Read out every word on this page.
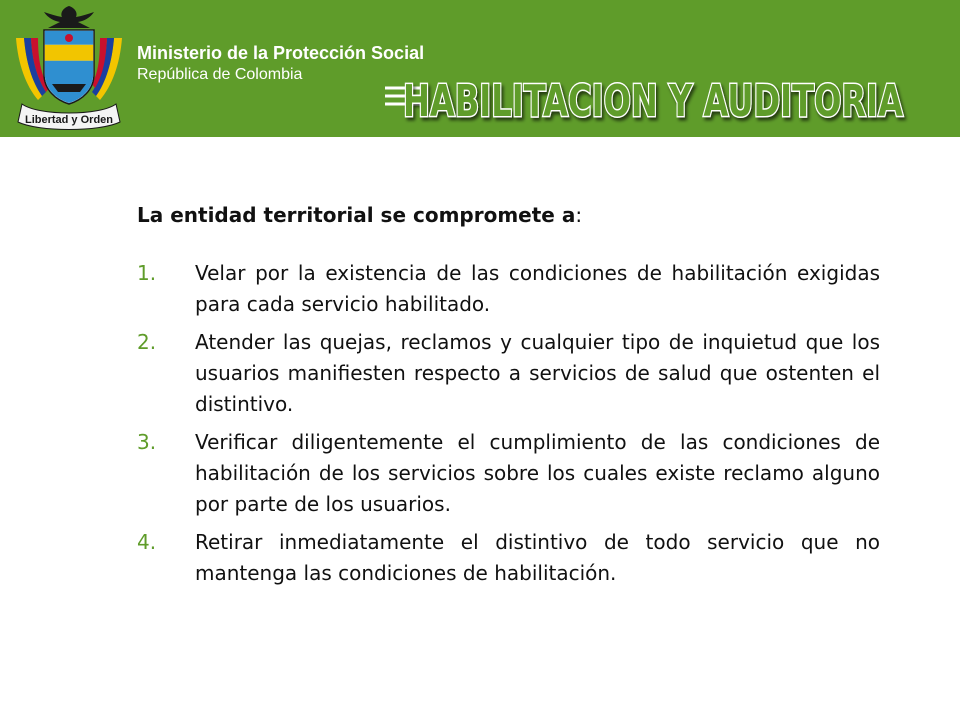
Libertad y Orden
Ministerio de la Protección Social
República de Colombia
HABILITACION Y AUDITORIA

La entidad territorial se compromete a:

1. Velar por la existencia de las condiciones de habilitación exigidas para cada servicio habilitado.
2. Atender las quejas, reclamos y cualquier tipo de inquietud que los usuarios manifiesten respecto a servicios de salud que ostenten el distintivo.
3. Verificar diligentemente el cumplimiento de las condiciones de habilitación de los servicios sobre los cuales existe reclamo alguno por parte de los usuarios.
4. Retirar inmediatamente el distintivo de todo servicio que no mantenga las condiciones de habilitación.
